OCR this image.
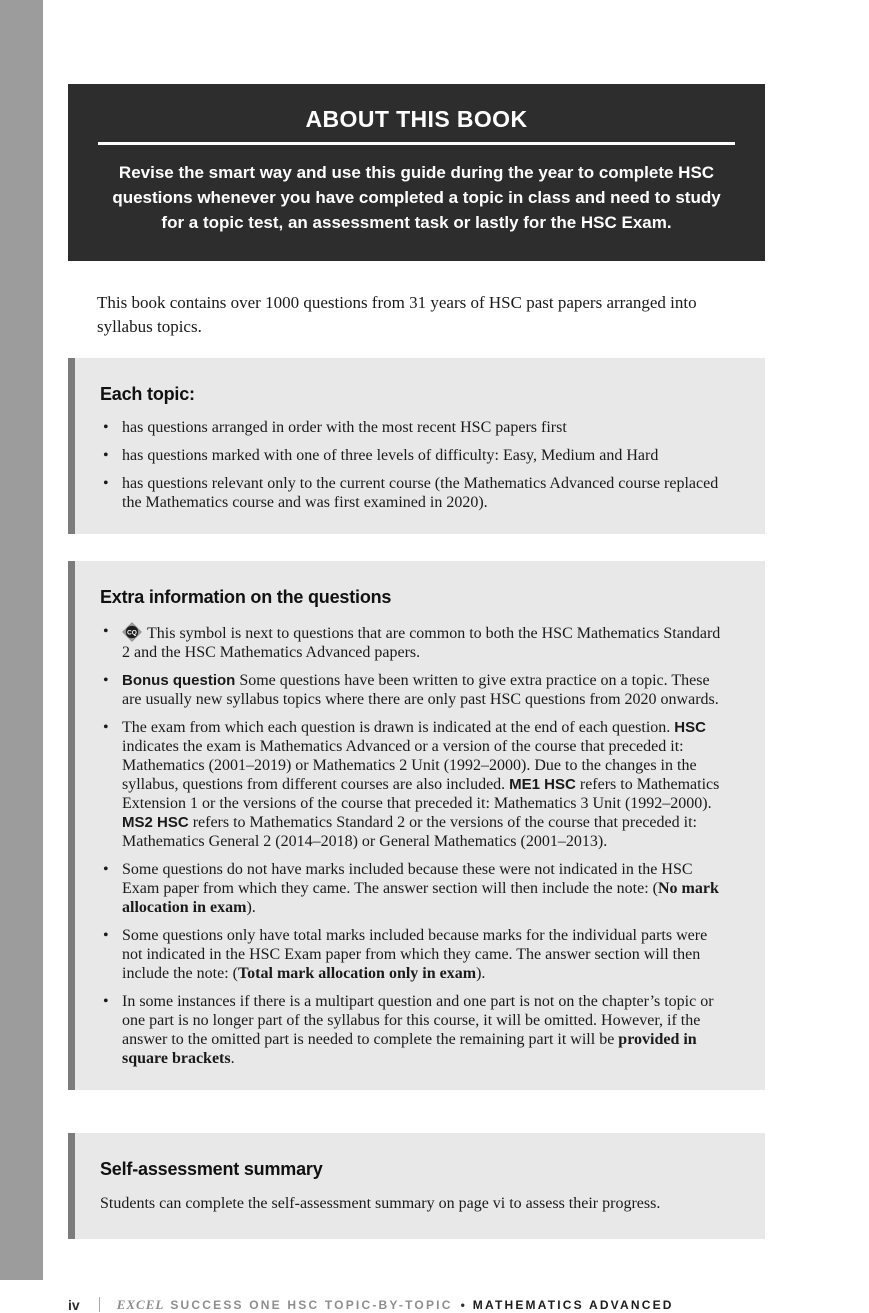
ABOUT THIS BOOK

Revise the smart way and use this guide during the year to complete HSC questions whenever you have completed a topic in class and need to study for a topic test, an assessment task or lastly for the HSC Exam.

This book contains over 1000 questions from 31 years of HSC past papers arranged into syllabus topics.

Each topic:
• has questions arranged in order with the most recent HSC papers first
• has questions marked with one of three levels of difficulty: Easy, Medium and Hard
• has questions relevant only to the current course (the Mathematics Advanced course replaced the Mathematics course and was first examined in 2020).
Extra information on the questions
• CQ This symbol is next to questions that are common to both the HSC Mathematics Standard 2 and the HSC Mathematics Advanced papers.
• Bonus question Some questions have been written to give extra practice on a topic. These are usually new syllabus topics where there are only past HSC questions from 2020 onwards.
• The exam from which each question is drawn is indicated at the end of each question. HSC indicates the exam is Mathematics Advanced or a version of the course that preceded it: Mathematics (2001–2019) or Mathematics 2 Unit (1992–2000). Due to the changes in the syllabus, questions from different courses are also included. ME1 HSC refers to Mathematics Extension 1 or the versions of the course that preceded it: Mathematics 3 Unit (1992–2000). MS2 HSC refers to Mathematics Standard 2 or the versions of the course that preceded it: Mathematics General 2 (2014–2018) or General Mathematics (2001–2013).
• Some questions do not have marks included because these were not indicated in the HSC Exam paper from which they came. The answer section will then include the note: (No mark allocation in exam).
• Some questions only have total marks included because marks for the individual parts were not indicated in the HSC Exam paper from which they came. The answer section will then include the note: (Total mark allocation only in exam).
• In some instances if there is a multipart question and one part is not on the chapter’s topic or one part is no longer part of the syllabus for this course, it will be omitted. However, if the answer to the omitted part is needed to complete the remaining part it will be provided in square brackets.
Self-assessment summary

Students can complete the self-assessment summary on page vi to assess their progress.

iv	EXCEL SUCCESS ONE HSC TOPIC-BY-TOPIC • MATHEMATICS ADVANCED
